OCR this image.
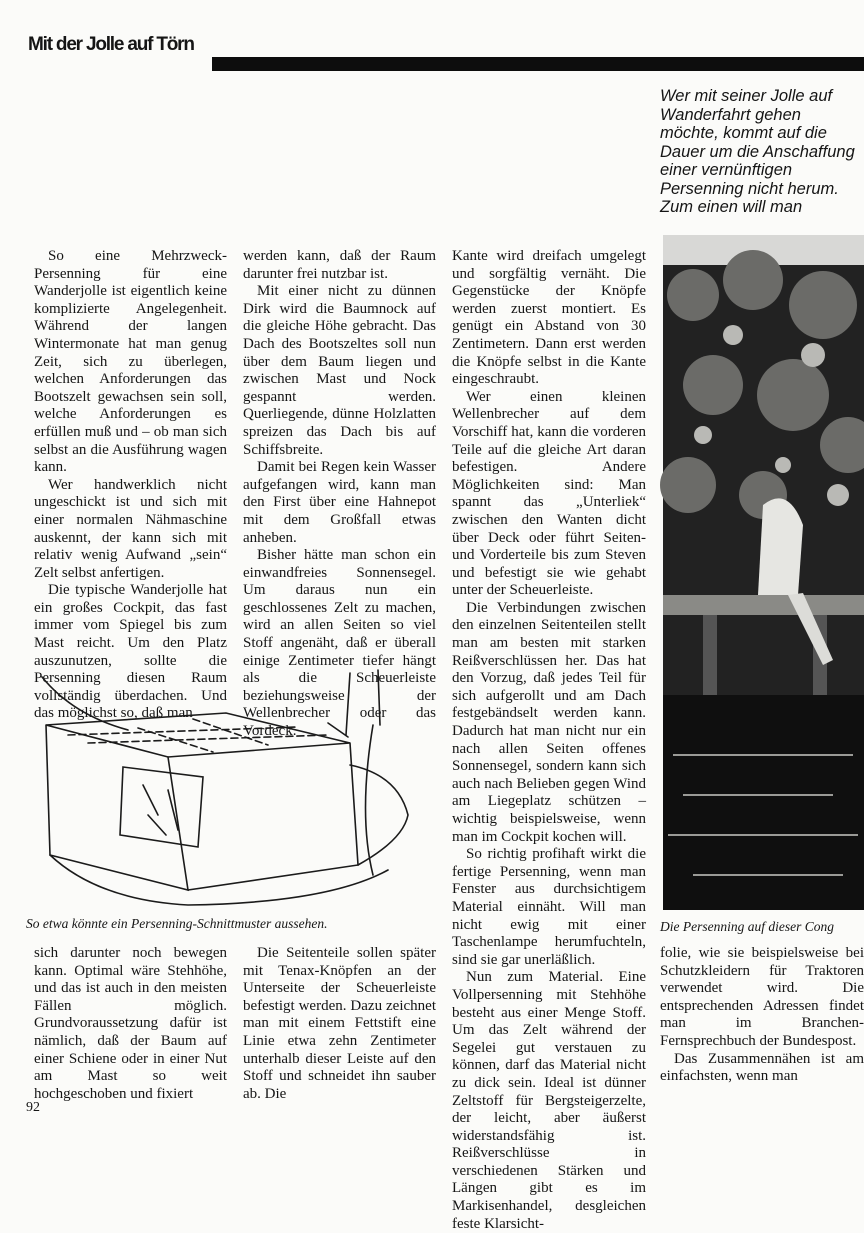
Mit der Jolle auf Törn
Wer mit seiner Jolle auf Wanderfahrt gehen möchte, kommt auf die Dauer um die Anschaffung einer vernünftigen Persenning nicht herum. Zum einen will man

So eine Mehrzweck-Persenning für eine Wanderjolle ist eigentlich keine komplizierte Angelegenheit. Während der langen Wintermonate hat man genug Zeit, sich zu überlegen, welchen Anforderungen das Bootszelt gewachsen sein soll, welche Anforderungen es erfüllen muß und – ob man sich selbst an die Ausführung wagen kann.

Wer handwerklich nicht ungeschickt ist und sich mit einer normalen Nähmaschine auskennt, der kann sich mit relativ wenig Aufwand „sein“ Zelt selbst anfertigen.

Die typische Wanderjolle hat ein großes Cockpit, das fast immer vom Spiegel bis zum Mast reicht. Um den Platz auszunutzen, sollte die Persenning diesen Raum vollständig überdachen. Und das möglichst so, daß man

werden kann, daß der Raum darunter frei nutzbar ist.

Mit einer nicht zu dünnen Dirk wird die Baumnock auf die gleiche Höhe gebracht. Das Dach des Bootszeltes soll nun über dem Baum liegen und zwischen Mast und Nock gespannt werden. Querliegende, dünne Holzlatten spreizen das Dach bis auf Schiffsbreite.

Damit bei Regen kein Wasser aufgefangen wird, kann man den First über eine Hahnepot mit dem Großfall etwas anheben.

Bisher hätte man schon ein einwandfreies Sonnensegel. Um daraus nun ein geschlossenes Zelt zu machen, wird an allen Seiten so viel Stoff angenäht, daß er überall einige Zentimeter tiefer hängt als die Scheuerleiste beziehungsweise der Wellenbrecher oder das Vordeck.

Kante wird dreifach umgelegt und sorgfältig vernäht. Die Gegenstücke der Knöpfe werden zuerst montiert. Es genügt ein Abstand von 30 Zentimetern. Dann erst werden die Knöpfe selbst in die Kante eingeschraubt.

Wer einen kleinen Wellenbrecher auf dem Vorschiff hat, kann die vorderen Teile auf die gleiche Art daran befestigen. Andere Möglichkeiten sind: Man spannt das „Unterliek“ zwischen den Wanten dicht über Deck oder führt Seiten- und Vorderteile bis zum Steven und befestigt sie wie gehabt unter der Scheuerleiste.

Die Verbindungen zwischen den einzelnen Seitenteilen stellt man am besten mit starken Reißverschlüssen her. Das hat den Vorzug, daß jedes Teil für sich aufgerollt und am Dach festgebändselt werden kann. Dadurch hat man nicht nur ein nach allen Seiten offenes Sonnensegel, sondern kann sich auch nach Belieben gegen Wind am Liegeplatz schützen – wichtig beispielsweise, wenn man im Cockpit kochen will.

So richtig profihaft wirkt die fertige Persenning, wenn man Fenster aus durchsichtigem Material einnäht. Will man nicht ewig mit einer Taschenlampe herumfuchteln, sind sie gar unerläßlich.

Nun zum Material. Eine Vollpersenning mit Stehhöhe besteht aus einer Menge Stoff. Um das Zelt während der Segelei gut verstauen zu können, darf das Material nicht zu dick sein. Ideal ist dünner Zeltstoff für Bergsteigerzelte, der leicht, aber äußerst widerstandsfähig ist. Reißverschlüsse in verschiedenen Stärken und Längen gibt es im Markisenhandel, desgleichen feste Klarsicht-

So etwa könnte ein Persenning-Schnittmuster aussehen.	Die Persenning auf dieser Cong

sich darunter noch bewegen kann. Optimal wäre Stehhöhe, und das ist auch in den meisten Fällen möglich. Grundvoraussetzung dafür ist nämlich, daß der Baum auf einer Schiene oder in einer Nut am Mast so weit hochgeschoben und fixiert

Die Seitenteile sollen später mit Tenax-Knöpfen an der Unterseite der Scheuerleiste befestigt werden. Dazu zeichnet man mit einem Fettstift eine Linie etwa zehn Zentimeter unterhalb dieser Leiste auf den Stoff und schneidet ihn sauber ab. Die

folie, wie sie beispielsweise bei Schutzkleidern für Traktoren verwendet wird. Die entsprechenden Adressen findet man im Branchen-Fernsprechbuch der Bundespost.

Das Zusammennähen ist am einfachsten, wenn man

92
